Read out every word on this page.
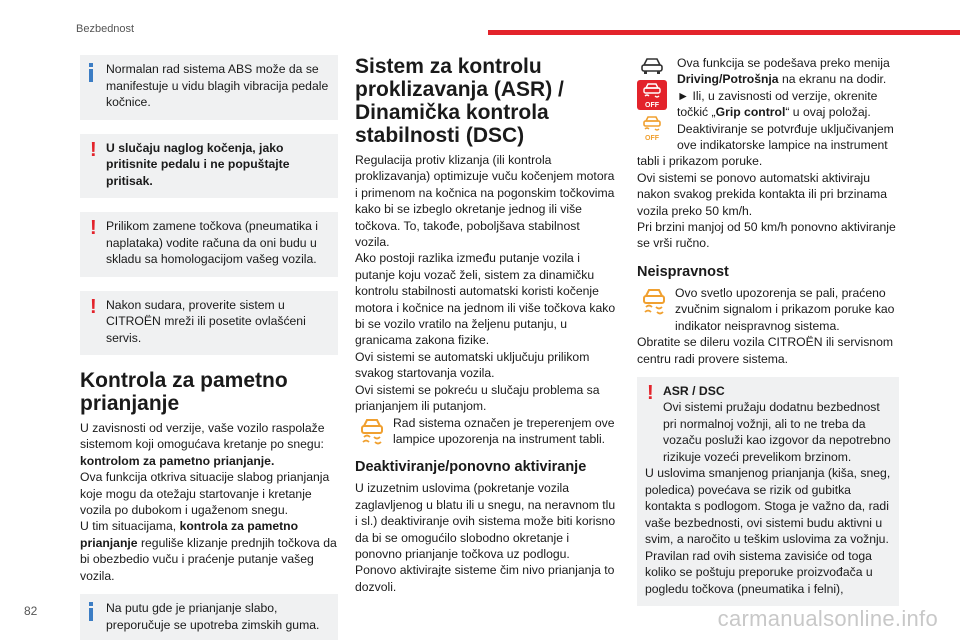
Bezbednost
Normalan rad sistema ABS može da se manifestuje u vidu blagih vibracija pedale kočnice.
! U slučaju naglog kočenja, jako pritisnite pedalu i ne popuštajte pritisak.
! Prilikom zamene točkova (pneumatika i naplataka) vodite računa da oni budu u skladu sa homologacijom vašeg vozila.
! Nakon sudara, proverite sistem u CITROËN mreži ili posetite ovlašćeni servis.
Kontrola za pametno prianjanje

U zavisnosti od verzije, vaše vozilo raspolaže sistemom koji omogućava kretanje po snegu: kontrolom za pametno prianjanje.

Ova funkcija otkriva situacije slabog prianjanja koje mogu da otežaju startovanje i kretanje vozila po dubokom i ugaženom snegu.

U tim situacijama, kontrola za pametno prianjanje reguliše klizanje prednjih točkova da bi obezbedio vuču i praćenje putanje vašeg vozila.

Na putu gde je prianjanje slabo, preporučuje se upotreba zimskih guma.
Sistem za kontrolu proklizavanja (ASR) / Dinamička kontrola stabilnosti (DSC)

Regulacija protiv klizanja (ili kontrola proklizavanja) optimizuje vuču kočenjem motora i primenom na kočnica na pogonskim točkovima kako bi se izbeglo okretanje jednog ili više točkova. To, takođe, poboljšava stabilnost vozila.

Ako postoji razlika između putanje vozila i putanje koju vozač želi, sistem za dinamičku kontrolu stabilnosti automatski koristi kočenje motora i kočnice na jednom ili više točkova kako bi se vozilo vratilo na željenu putanju, u granicama zakona fizike.

Ovi sistemi se automatski uključuju prilikom svakog startovanja vozila.

Ovi sistemi se pokreću u slučaju problema sa prianjanjem ili putanjom.

Rad sistema označen je treperenjem ove lampice upozorenja na instrument tabli.

Deaktiviranje/ponovno aktiviranje

U izuzetnim uslovima (pokretanje vozila zaglavljenog u blatu ili u snegu, na neravnom tlu i sl.) deaktiviranje ovih sistema može biti korisno da bi se omogućilo slobodno okretanje i ponovno prianjanje točkova uz podlogu.

Ponovo aktivirajte sisteme čim nivo prianjanja to dozvoli.

OFF
OFF

Ova funkcija se podešava preko menija Driving/Potrošnja na ekranu na dodir.

► Ili, u zavisnosti od verzije, okrenite točkić „Grip control“ u ovaj položaj.

Deaktiviranje se potvrđuje uključivanjem ove indikatorske lampice na instrument tabli i prikazom poruke.

Ovi sistemi se ponovo automatski aktiviraju nakon svakog prekida kontakta ili pri brzinama vozila preko 50 km/h.

Pri brzini manjoj od 50 km/h ponovno aktiviranje se vrši ručno.

Neispravnost

Ovo svetlo upozorenja se pali, praćeno zvučnim signalom i prikazom poruke kao indikator neispravnog sistema.

Obratite se dileru vozila CITROËN ili servisnom centru radi provere sistema.

! ASR / DSC
Ovi sistemi pružaju dodatnu bezbednost pri normalnoj vožnji, ali to ne treba da vozaču posluži kao izgovor da nepotrebno rizikuje vozeći prevelikom brzinom.
U uslovima smanjenog prianjanja (kiša, sneg, poledica) povećava se rizik od gubitka kontakta s podlogom. Stoga je važno da, radi vaše bezbednosti, ovi sistemi budu aktivni u svim, a naročito u teškim uslovima za vožnju.
Pravilan rad ovih sistema zavisiće od toga koliko se poštuju preporuke proizvođača u pogledu točkova (pneumatika i felni),
82	carmanualsonline.info
